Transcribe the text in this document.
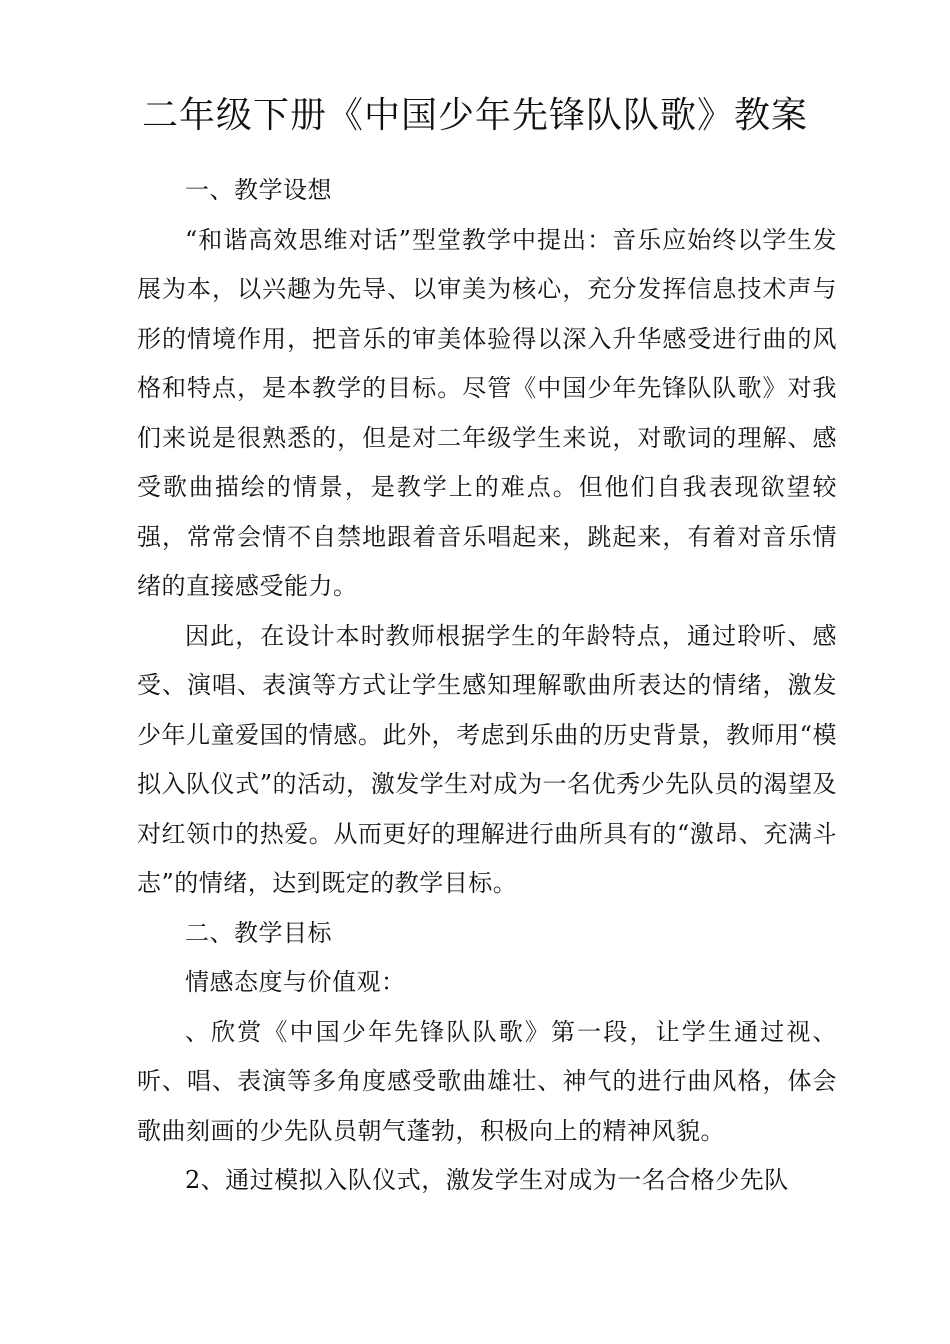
二年级下册《中国少年先锋队队歌》教案

一、教学设想

“和谐高效思维对话”型堂教学中提出：音乐应始终以学生发展为本，以兴趣为先导、以审美为核心，充分发挥信息技术声与形的情境作用，把音乐的审美体验得以深入升华感受进行曲的风格和特点，是本教学的目标。尽管《中国少年先锋队队歌》对我们来说是很熟悉的，但是对二年级学生来说，对歌词的理解、感受歌曲描绘的情景，是教学上的难点。但他们自我表现欲望较强，常常会情不自禁地跟着音乐唱起来，跳起来，有着对音乐情绪的直接感受能力。

因此，在设计本时教师根据学生的年龄特点，通过聆听、感受、演唱、表演等方式让学生感知理解歌曲所表达的情绪，激发少年儿童爱国的情感。此外，考虑到乐曲的历史背景，教师用“模拟入队仪式”的活动，激发学生对成为一名优秀少先队员的渴望及对红领巾的热爱。从而更好的理解进行曲所具有的“激昂、充满斗志”的情绪，达到既定的教学目标。

二、教学目标

情感态度与价值观：

、欣赏《中国少年先锋队队歌》第一段，让学生通过视、听、唱、表演等多角度感受歌曲雄壮、神气的进行曲风格，体会歌曲刻画的少先队员朝气蓬勃，积极向上的精神风貌。

2、通过模拟入队仪式，激发学生对成为一名合格少先队
